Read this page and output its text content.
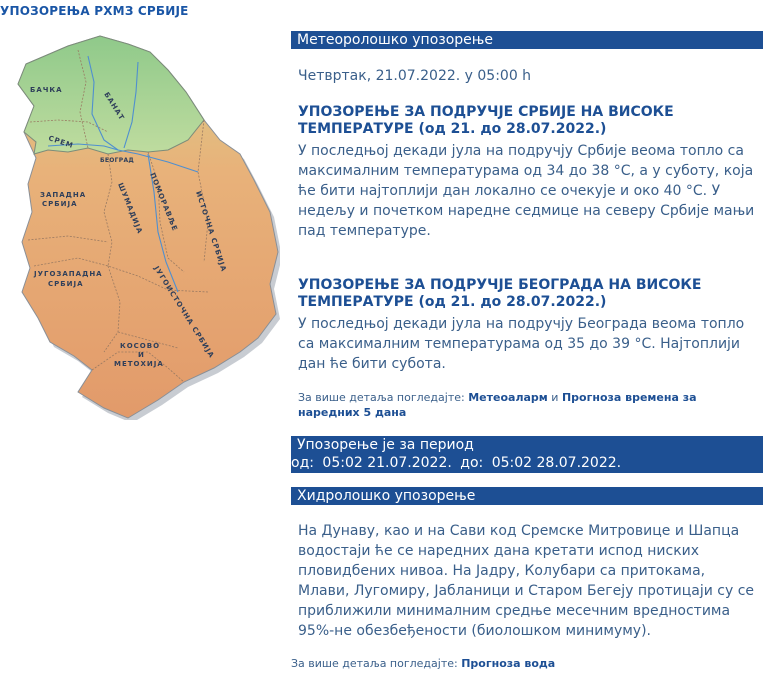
УПОЗОРЕЊА РХМЗ СРБИЈЕ
БАЧКА
БАНАТ
СРЕМ
БЕОГРАД
ПОМОРАВЉЕ
ЗАПАДНА
СРБИЈА	ШУМАДИЈА	ИСТОЧНА СРБИЈА
ЈУГОЗАПАДНА
СРБИЈА	ЈУГОИСТОЧНА СРБИЈА
КОСОВО
И
МЕТОХИЈА
Метеоролошко упозорење
Четвртак, 21.07.2022. у 05:00 h
УПОЗОРЕЊЕ ЗА ПОДРУЧЈЕ СРБИЈЕ НА ВИСОКЕ
ТЕМПЕРАТУРЕ (од 21. до 28.07.2022.)
У последњој декади јула на подручју Србије веома топло са максималним температурама од 34 до 38 °C, а у суботу, која ће бити најтоплији дан локално се очекује и око 40 °C. У недељу и почетком наредне седмице на северу Србије мањи пад температуре.
УПОЗОРЕЊЕ ЗА ПОДРУЧЈЕ БЕОГРАДА НА ВИСОКЕ
ТЕМПЕРАТУРЕ (од 21. до 28.07.2022.)
У последњој декади јула на подручју Београда веома топло са максималним температурама од 35 до 39 °C. Најтоплији дан ће бити субота.
За више детаља погледајте: Метеоаларм и Прогноза времена за
наредних 5 дана
Упозорење је за период
од: 05:02 21.07.2022. до: 05:02 28.07.2022.
Хидролошко упозорење
На Дунаву, као и на Сави код Сремске Митровице и Шапца водостаји ће се наредних дана кретати испод ниских пловидбених нивоа. На Јадру, Колубари са притокама, Млави, Лугомиру, Јабланици и Старом Бегеју протицаји су се приближили минималним средње месечним вредностима 95%-не обезбеђености (биолошком минимуму).
За више детаља погледајте: Прогноза вода
